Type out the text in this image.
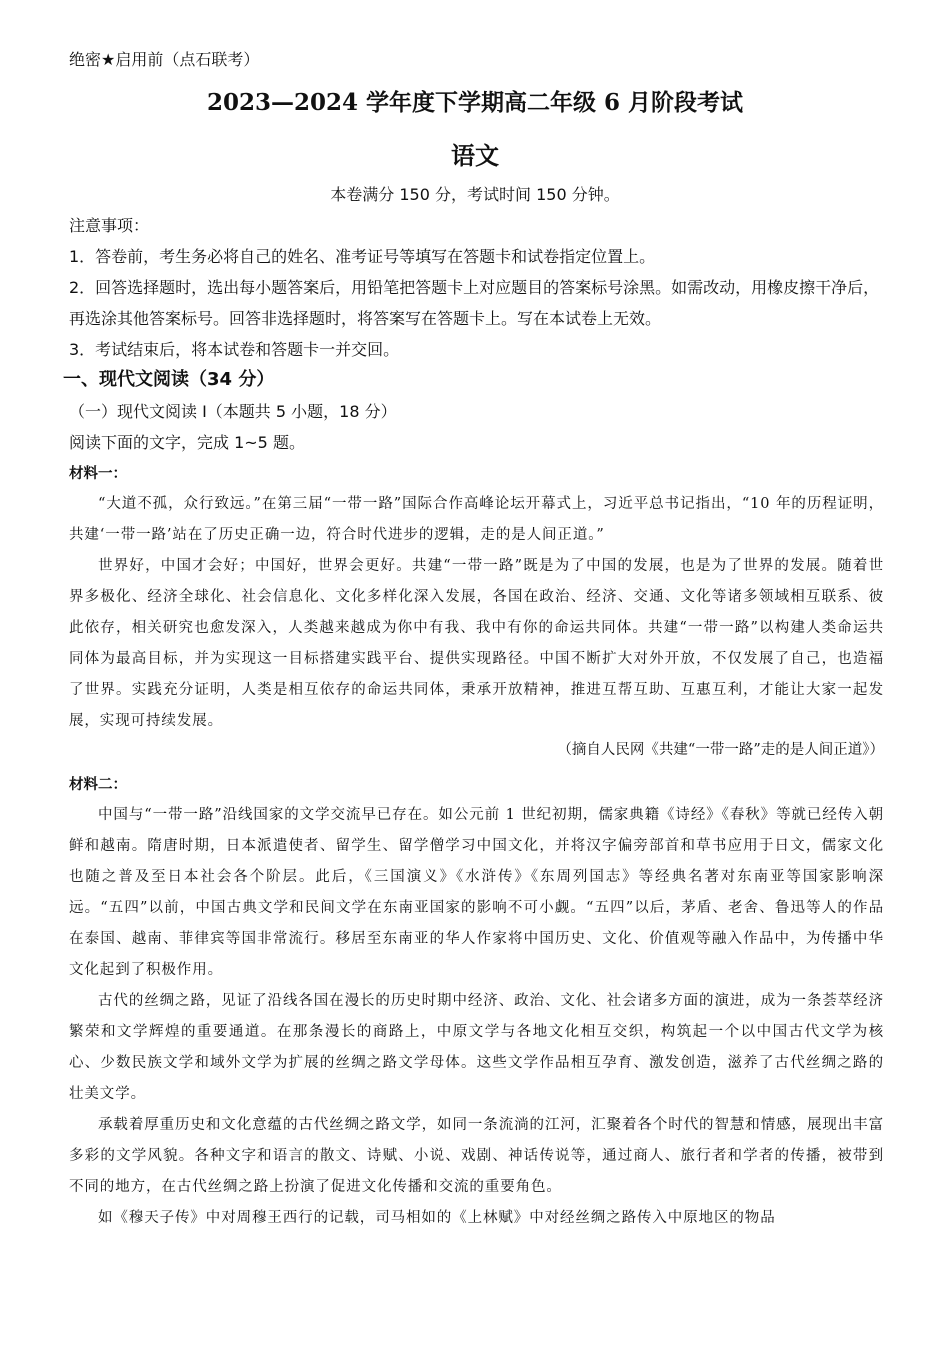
绝密★启用前（点石联考）
2023—2024 学年度下学期高二年级 6 月阶段考试
语文
本卷满分 150 分，考试时间 150 分钟。

注意事项：

1．答卷前，考生务必将自己的姓名、准考证号等填写在答题卡和试卷指定位置上。

2．回答选择题时，选出每小题答案后，用铅笔把答题卡上对应题目的答案标号涂黑。如需改动，用橡皮擦干净后，再选涂其他答案标号。回答非选择题时，将答案写在答题卡上。写在本试卷上无效。

3．考试结束后，将本试卷和答题卡一并交回。

一、现代文阅读（34 分）
（一）现代文阅读 I（本题共 5 小题，18 分）
阅读下面的文字，完成 1~5 题。
材料一：

“大道不孤，众行致远。”在第三届“一带一路”国际合作高峰论坛开幕式上，习近平总书记指出，“10 年的历程证明，共建‘一带一路’站在了历史正确一边，符合时代进步的逻辑，走的是人间正道。”

世界好，中国才会好；中国好，世界会更好。共建“一带一路”既是为了中国的发展，也是为了世界的发展。随着世界多极化、经济全球化、社会信息化、文化多样化深入发展，各国在政治、经济、交通、文化等诸多领域相互联系、彼此依存，相关研究也愈发深入，人类越来越成为你中有我、我中有你的命运共同体。共建“一带一路”以构建人类命运共同体为最高目标，并为实现这一目标搭建实践平台、提供实现路径。中国不断扩大对外开放，不仅发展了自己，也造福了世界。实践充分证明，人类是相互依存的命运共同体，秉承开放精神，推进互帮互助、互惠互利，才能让大家一起发展，实现可持续发展。

（摘自人民网《共建“一带一路”走的是人间正道》）
材料二：

中国与“一带一路”沿线国家的文学交流早已存在。如公元前 1 世纪初期，儒家典籍《诗经》《春秋》等就已经传入朝鲜和越南。隋唐时期，日本派遣使者、留学生、留学僧学习中国文化，并将汉字偏旁部首和草书应用于日文，儒家文化也随之普及至日本社会各个阶层。此后，《三国演义》《水浒传》《东周列国志》等经典名著对东南亚等国家影响深远。“五四”以前，中国古典文学和民间文学在东南亚国家的影响不可小觑。“五四”以后，茅盾、老舍、鲁迅等人的作品在泰国、越南、菲律宾等国非常流行。移居至东南亚的华人作家将中国历史、文化、价值观等融入作品中，为传播中华文化起到了积极作用。

古代的丝绸之路，见证了沿线各国在漫长的历史时期中经济、政治、文化、社会诸多方面的演进，成为一条荟萃经济繁荣和文学辉煌的重要通道。在那条漫长的商路上，中原文学与各地文化相互交织，构筑起一个以中国古代文学为核心、少数民族文学和域外文学为扩展的丝绸之路文学母体。这些文学作品相互孕育、激发创造，滋养了古代丝绸之路的壮美文学。

承载着厚重历史和文化意蕴的古代丝绸之路文学，如同一条流淌的江河，汇聚着各个时代的智慧和情感，展现出丰富多彩的文学风貌。各种文字和语言的散文、诗赋、小说、戏剧、神话传说等，通过商人、旅行者和学者的传播，被带到不同的地方，在古代丝绸之路上扮演了促进文化传播和交流的重要角色。

如《穆天子传》中对周穆王西行的记载，司马相如的《上林赋》中对经丝绸之路传入中原地区的物品
